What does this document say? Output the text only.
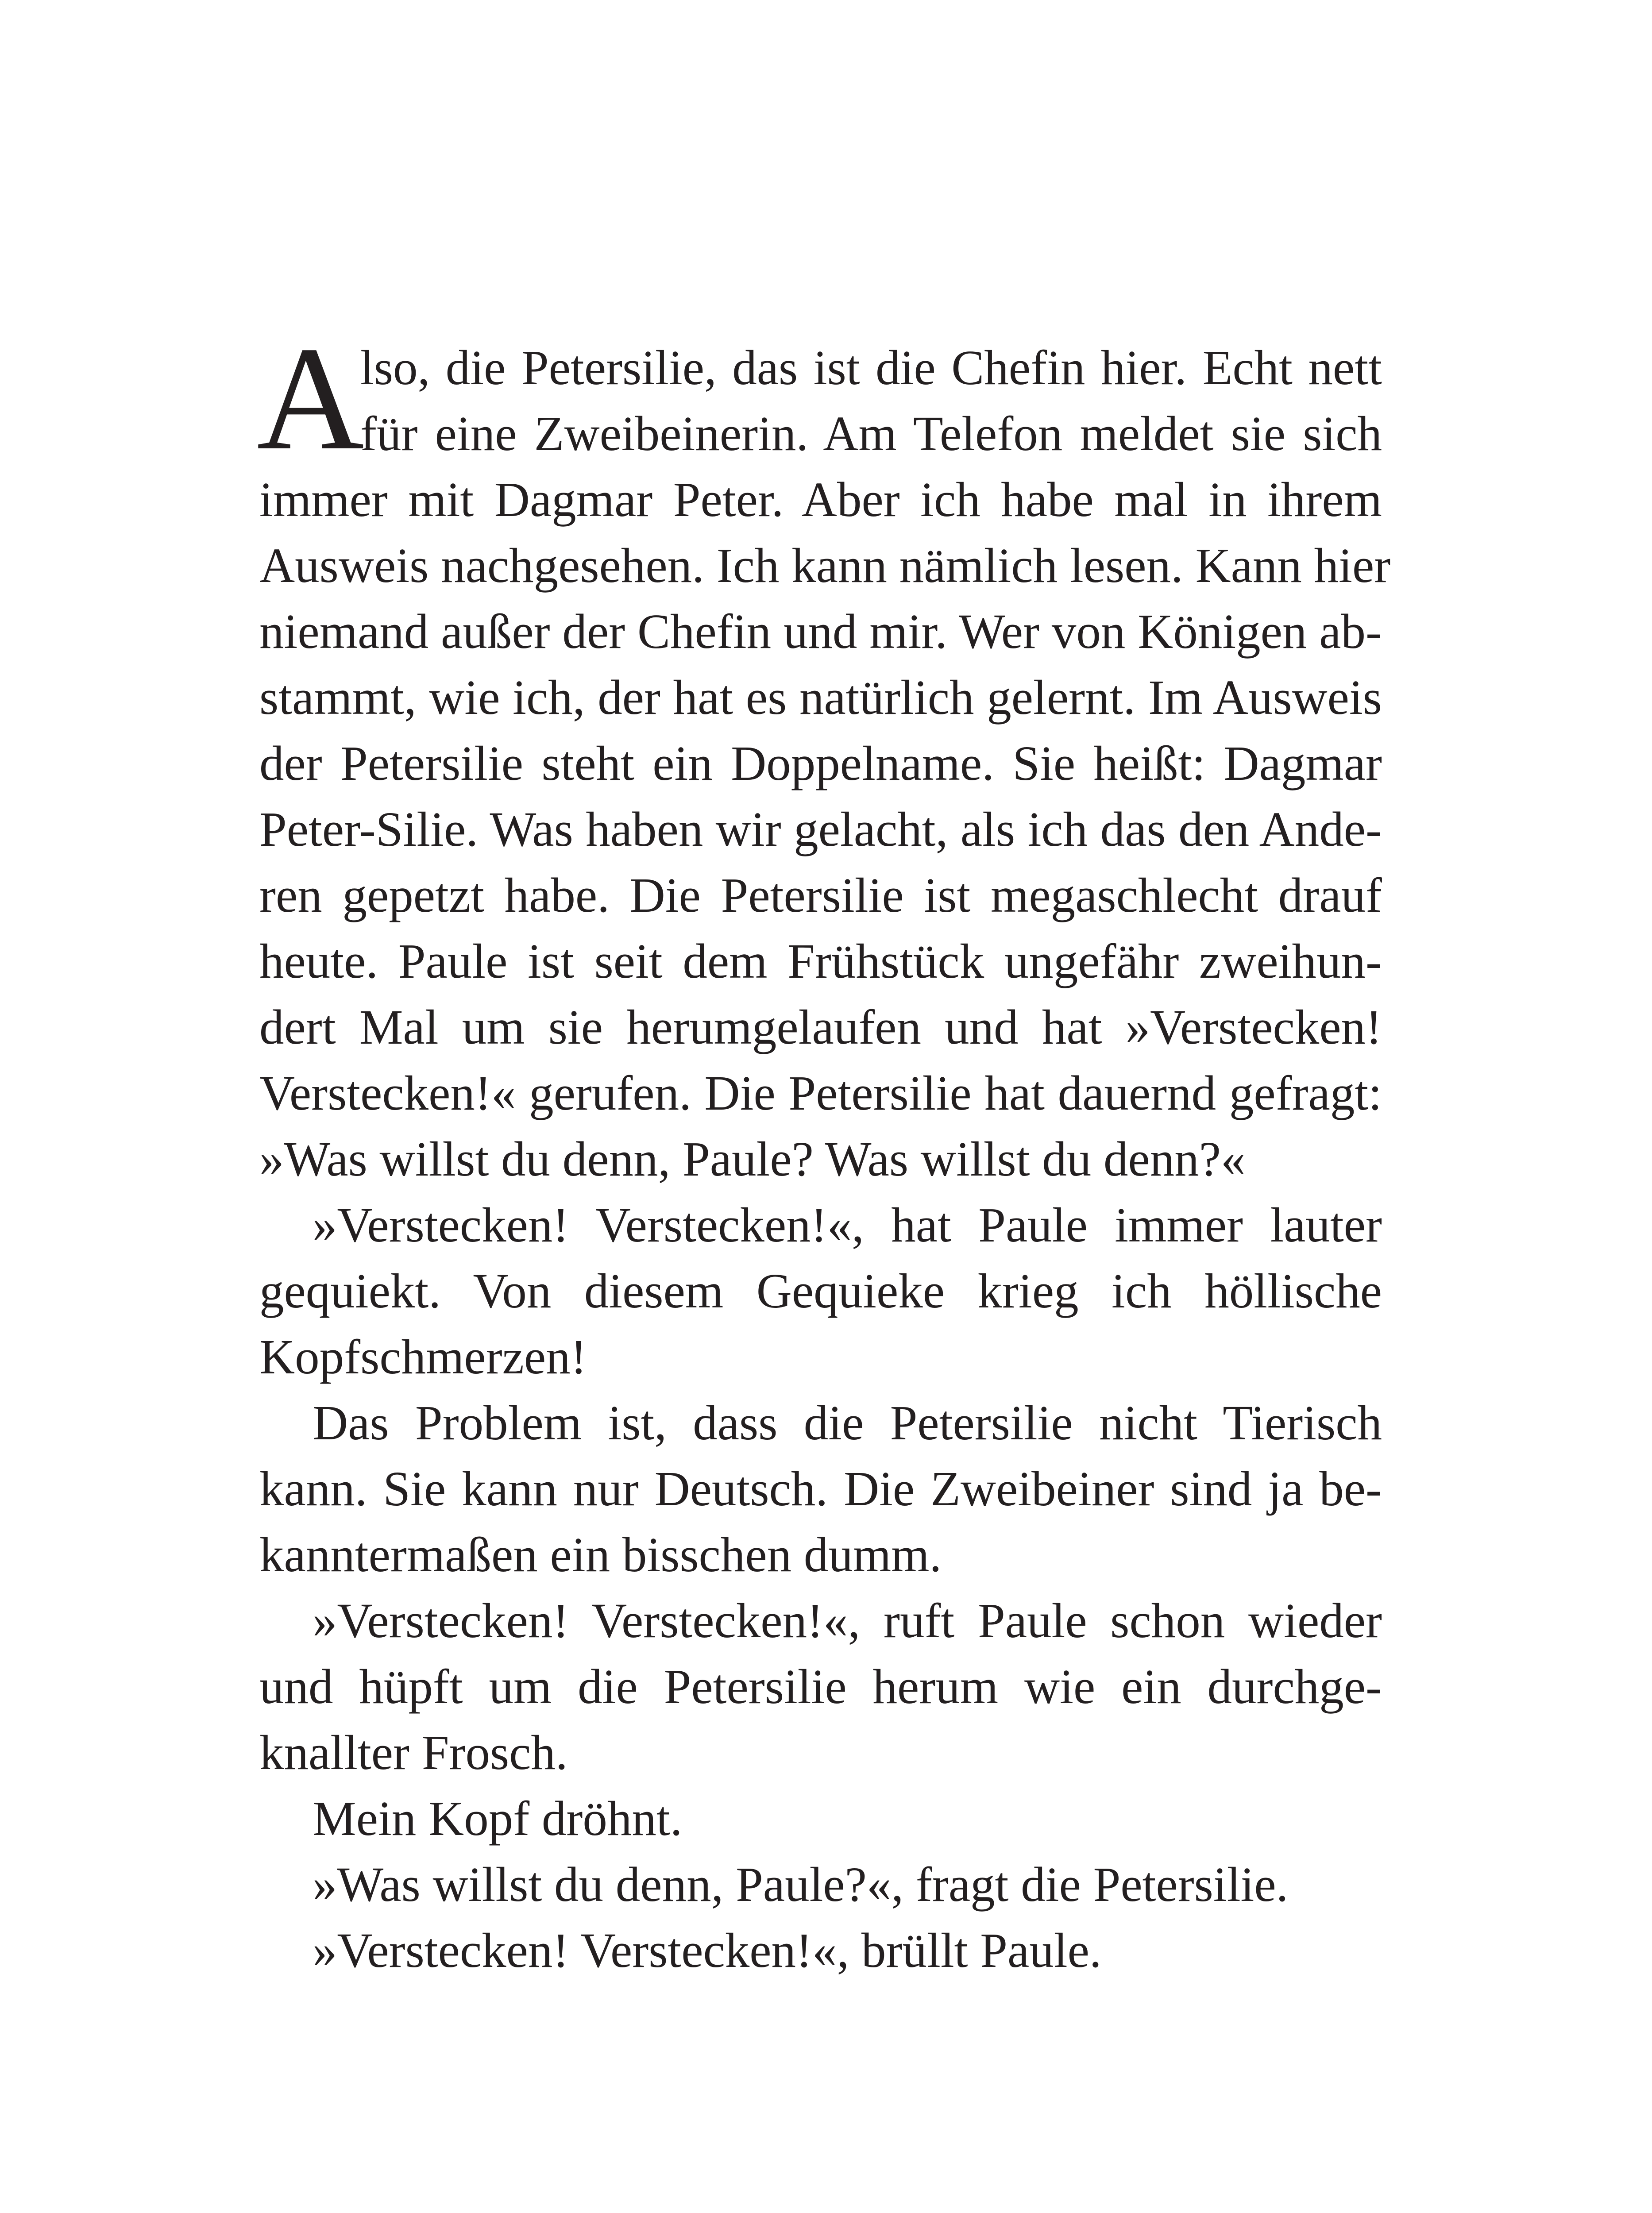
A
lso, die Petersilie, das ist die Chefin hier. Echt nett
für eine Zweibeinerin. Am Telefon meldet sie sich
immer mit Dagmar Peter. Aber ich habe mal in ihrem
Ausweis nachgesehen. Ich kann nämlich lesen. Kann hier
niemand außer der Chefin und mir. Wer von Königen ab-
stammt, wie ich, der hat es natürlich gelernt. Im Ausweis
der Petersilie steht ein Doppelname. Sie heißt: Dagmar
Peter-Silie. Was haben wir gelacht, als ich das den Ande-
ren gepetzt habe. Die Petersilie ist megaschlecht drauf
heute. Paule ist seit dem Frühstück ungefähr zweihun-
dert Mal um sie herumgelaufen und hat »Verstecken!
Verstecken!« gerufen. Die Petersilie hat dauernd gefragt:
»Was willst du denn, Paule? Was willst du denn?«
»Verstecken! Verstecken!«, hat Paule immer lauter
gequiekt. Von diesem Gequieke krieg ich höllische
Kopfschmerzen!
Das Problem ist, dass die Petersilie nicht Tierisch
kann. Sie kann nur Deutsch. Die Zweibeiner sind ja be-
kanntermaßen ein bisschen dumm.
»Verstecken! Verstecken!«, ruft Paule schon wieder
und hüpft um die Petersilie herum wie ein durchge-
knallter Frosch.
Mein Kopf dröhnt.
»Was willst du denn, Paule?«, fragt die Petersilie.
»Verstecken! Verstecken!«, brüllt Paule.
